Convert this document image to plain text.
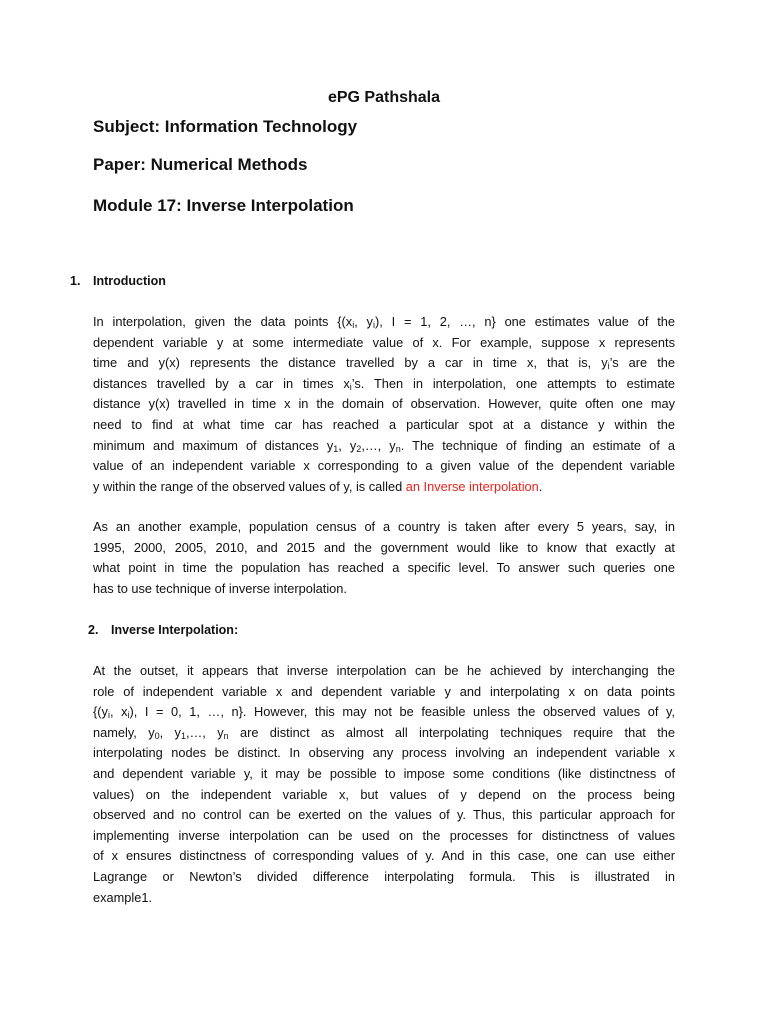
ePG Pathshala
Subject: Information Technology
Paper: Numerical Methods
Module 17: Inverse Interpolation
1. Introduction
In interpolation, given the data points {($x_i$, $y_i$), I = 1, 2, …, n} one estimates value of the
dependent variable y at some intermediate value of x. For example, suppose x represents
time and y(x) represents the distance travelled by a car in time x, that is, $y_i’s$ are the
distances travelled by a car in times $x_i’s$. Then in interpolation, one attempts to estimate
distance y(x) travelled in time x in the domain of observation. However, quite often one may
need to find at what time car has reached a particular spot at a distance y within the
minimum and maximum of distances $y_1$, $y_2,\dots$, $y_n$. The technique of finding an estimate of a
value of an independent variable x corresponding to a given value of the dependent variable
y within the range of the observed values of y, is called an Inverse interpolation.
As an another example, population census of a country is taken after every 5 years, say, in
1995, 2000, 2005, 2010, and 2015 and the government would like to know that exactly at
what point in time the population has reached a specific level. To answer such queries one
has to use technique of inverse interpolation.
2. Inverse Interpolation:
At the outset, it appears that inverse interpolation can be he achieved by interchanging the
role of independent variable x and dependent variable y and interpolating x on data points
{($y_i$, $x_i$), I = 0, 1, …, n}. However, this may not be feasible unless the observed values of y,
namely, $y_0$, $y_1,\dots$, $y_n$ are distinct as almost all interpolating techniques require that the
interpolating nodes be distinct. In observing any process involving an independent variable x
and dependent variable y, it may be possible to impose some conditions (like distinctness of
values) on the independent variable x, but values of y depend on the process being
observed and no control can be exerted on the values of y. Thus, this particular approach for
implementing inverse interpolation can be used on the processes for distinctness of values
of x ensures distinctness of corresponding values of y. And in this case, one can use either
Lagrange or Newton’s divided difference interpolating formula. This is illustrated in
example1.
